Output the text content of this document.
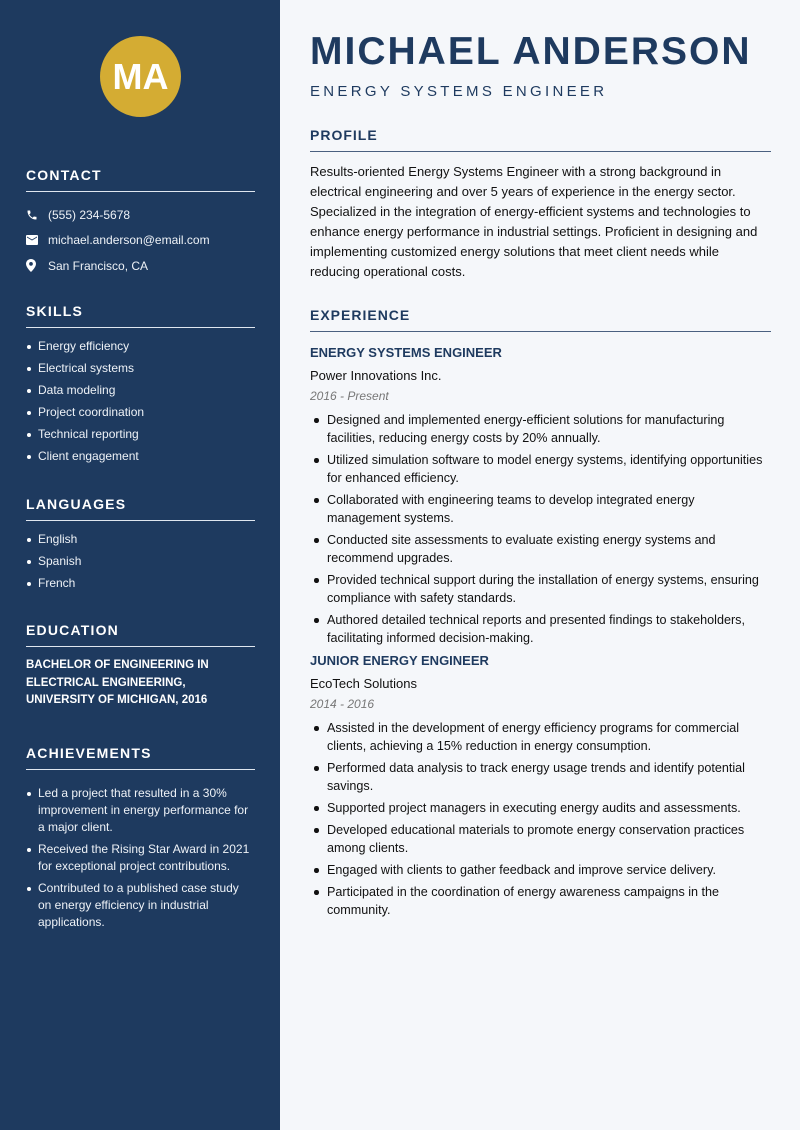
MA
CONTACT
(555) 234-5678
michael.anderson@email.com
San Francisco, CA
SKILLS
Energy efficiency
Electrical systems
Data modeling
Project coordination
Technical reporting
Client engagement
LANGUAGES
English
Spanish
French
EDUCATION
BACHELOR OF ENGINEERING IN ELECTRICAL ENGINEERING, UNIVERSITY OF MICHIGAN, 2016
ACHIEVEMENTS
Led a project that resulted in a 30% improvement in energy performance for a major client.
Received the Rising Star Award in 2021 for exceptional project contributions.
Contributed to a published case study on energy efficiency in industrial applications.
MICHAEL ANDERSON
ENERGY SYSTEMS ENGINEER
PROFILE
Results-oriented Energy Systems Engineer with a strong background in electrical engineering and over 5 years of experience in the energy sector. Specialized in the integration of energy-efficient systems and technologies to enhance energy performance in industrial settings. Proficient in designing and implementing customized energy solutions that meet client needs while reducing operational costs.
EXPERIENCE
ENERGY SYSTEMS ENGINEER
Power Innovations Inc.
2016 - Present
Designed and implemented energy-efficient solutions for manufacturing facilities, reducing energy costs by 20% annually.
Utilized simulation software to model energy systems, identifying opportunities for enhanced efficiency.
Collaborated with engineering teams to develop integrated energy management systems.
Conducted site assessments to evaluate existing energy systems and recommend upgrades.
Provided technical support during the installation of energy systems, ensuring compliance with safety standards.
Authored detailed technical reports and presented findings to stakeholders, facilitating informed decision-making.
JUNIOR ENERGY ENGINEER
EcoTech Solutions
2014 - 2016
Assisted in the development of energy efficiency programs for commercial clients, achieving a 15% reduction in energy consumption.
Performed data analysis to track energy usage trends and identify potential savings.
Supported project managers in executing energy audits and assessments.
Developed educational materials to promote energy conservation practices among clients.
Engaged with clients to gather feedback and improve service delivery.
Participated in the coordination of energy awareness campaigns in the community.
